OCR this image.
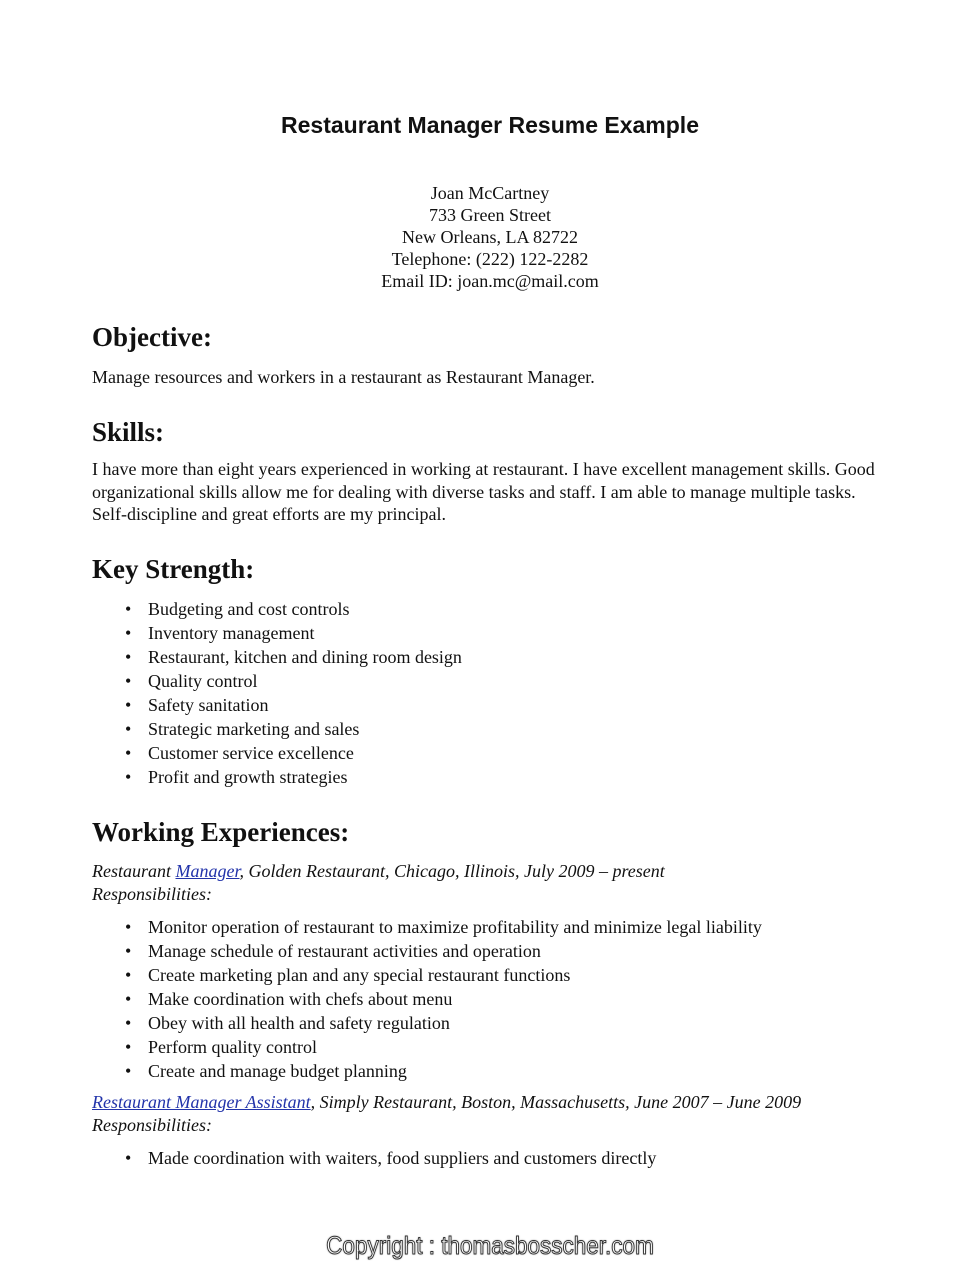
Restaurant Manager Resume Example
Joan McCartney
733 Green Street
New Orleans, LA 82722
Telephone: (222) 122-2282
Email ID: joan.mc@mail.com
Objective:
Manage resources and workers in a restaurant as Restaurant Manager.
Skills:
I have more than eight years experienced in working at restaurant. I have excellent management skills. Good organizational skills allow me for dealing with diverse tasks and staff. I am able to manage multiple tasks. Self-discipline and great efforts are my principal.
Key Strength:
• Budgeting and cost controls
• Inventory management
• Restaurant, kitchen and dining room design
• Quality control
• Safety sanitation
• Strategic marketing and sales
• Customer service excellence
• Profit and growth strategies
Working Experiences:
Restaurant Manager, Golden Restaurant, Chicago, Illinois, July 2009 – present
Responsibilities:
• Monitor operation of restaurant to maximize profitability and minimize legal liability
• Manage schedule of restaurant activities and operation
• Create marketing plan and any special restaurant functions
• Make coordination with chefs about menu
• Obey with all health and safety regulation
• Perform quality control
• Create and manage budget planning
Restaurant Manager Assistant, Simply Restaurant, Boston, Massachusetts, June 2007 – June 2009
Responsibilities:
• Made coordination with waiters, food suppliers and customers directly
Copyright : thomasbosscher.com
